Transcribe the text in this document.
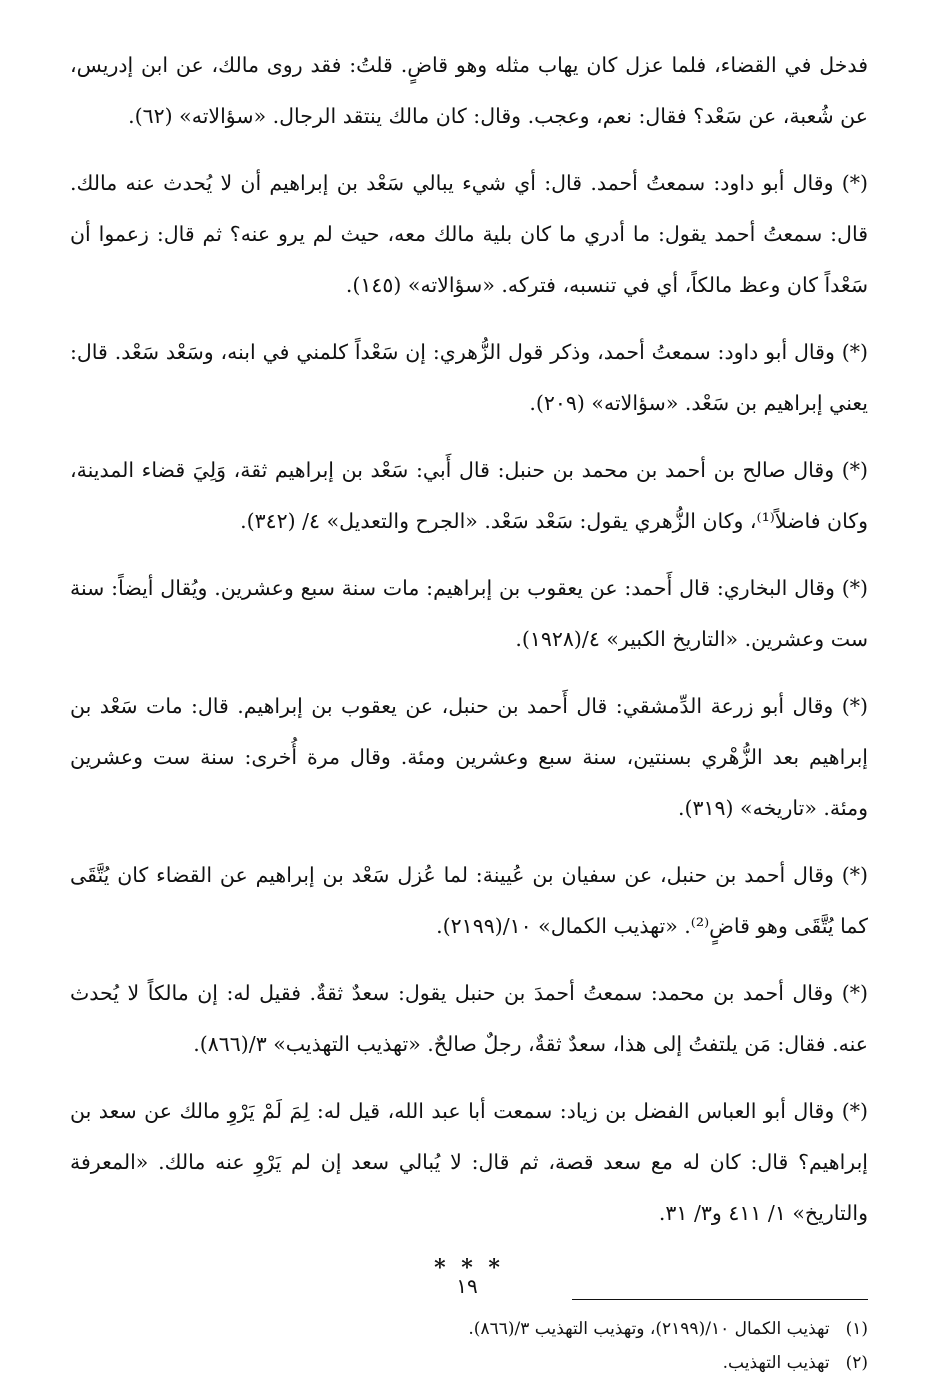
فدخل في القضاء، فلما عزل كان يهاب مثله وهو قاضٍ. قلتُ: فقد روى مالك، عن ابن إدريس، عن شُعبة، عن سَعْد؟ فقال: نعم، وعجب. وقال: كان مالك ينتقد الرجال. «سؤالاته» (٦٢).

(*) وقال أبو داود: سمعتُ أحمد. قال: أي شيء يبالي سَعْد بن إبراهيم أن لا يُحدث عنه مالك. قال: سمعتُ أحمد يقول: ما أدري ما كان بلية مالك معه، حيث لم يرو عنه؟ ثم قال: زعموا أن سَعْداً كان وعظ مالكاً، أي في تنسبه، فتركه. «سؤالاته» (١٤٥).

(*) وقال أبو داود: سمعتُ أحمد، وذكر قول الزُّهري: إن سَعْداً كلمني في ابنه، وسَعْد سَعْد. قال: يعني إبراهيم بن سَعْد. «سؤالاته» (٢٠٩).

(*) وقال صالح بن أحمد بن محمد بن حنبل: قال أَبي: سَعْد بن إبراهيم ثقة، وَلِيَ قضاء المدينة، وكان فاضلاً⁽¹⁾، وكان الزُّهري يقول: سَعْد سَعْد. «الجرح والتعديل» ٤/ (٣٤٢).

(*) وقال البخاري: قال أَحمد: عن يعقوب بن إبراهيم: مات سنة سبع وعشرين. ويُقال أيضاً: سنة ست وعشرين. «التاريخ الكبير» ٤/(١٩٢٨).

(*) وقال أبو زرعة الدِّمشقي: قال أَحمد بن حنبل، عن يعقوب بن إبراهيم. قال: مات سَعْد بن إبراهيم بعد الزُّهْري بسنتين، سنة سبع وعشرين ومئة. وقال مرة أُخرى: سنة ست وعشرين ومئة. «تاريخه» (٣١٩).

(*) وقال أحمد بن حنبل، عن سفيان بن عُيينة: لما عُزل سَعْد بن إبراهيم عن القضاء كان يُتَّقَى كما يُتَّقَى وهو قاضٍ⁽²⁾. «تهذيب الكمال» ١٠/(٢١٩٩).

(*) وقال أحمد بن محمد: سمعتُ أحمدَ بن حنبل يقول: سعدٌ ثقةٌ. فقيل له: إن مالكاً لا يُحدث عنه. فقال: مَن يلتفتُ إلى هذا، سعدٌ ثقةٌ، رجلٌ صالحٌ. «تهذيب التهذيب» ٣/(٨٦٦).

(*) وقال أبو العباس الفضل بن زياد: سمعت أبا عبد الله، قيل له: لِمَ لَمْ يَرْوِ مالك عن سعد بن إبراهيم؟ قال: كان له مع سعد قصة، ثم قال: لا يُبالي سعد إن لم يَرْوِ عنه مالك. «المعرفة والتاريخ» ١/ ٤١١ و٣/ ٣١.

* * *

(١)تهذيب الكمال ١٠/(٢١٩٩)، وتهذيب التهذيب ٣/(٨٦٦).

(٢)تهذيب التهذيب.

١٩
